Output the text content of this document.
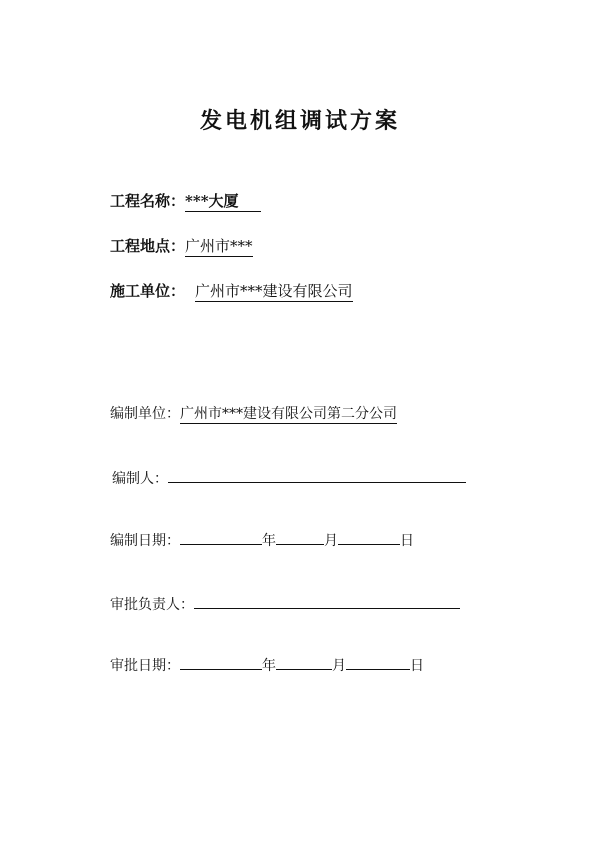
发电机组调试方案
工程名称：***大厦
工程地点：广州市***
施工单位： 广州市***建设有限公司
编制单位：广州市***建设有限公司第二分公司
编制人：
编制日期：	年	月	日
审批负责人：
审批日期：	年	月	日
